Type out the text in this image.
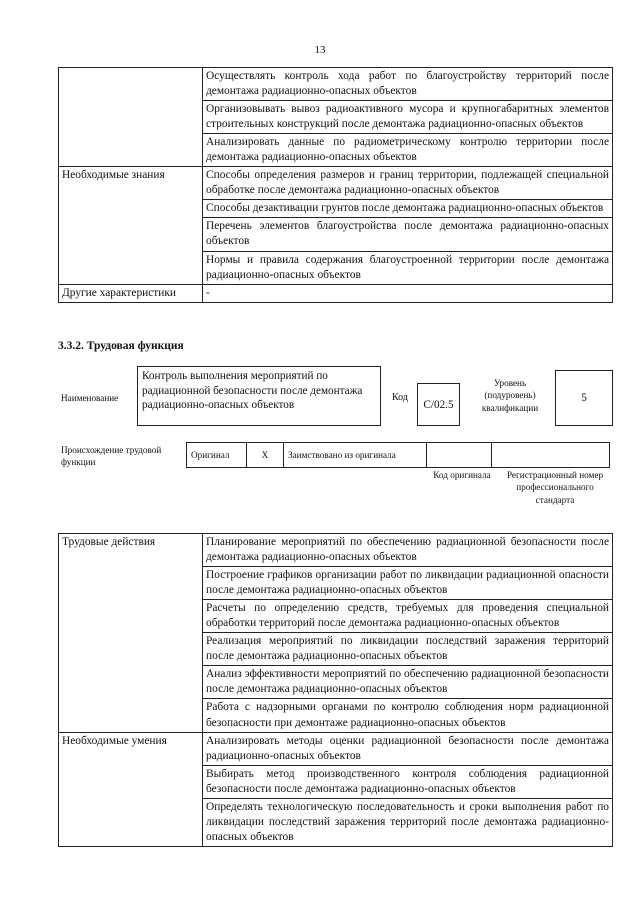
13
	Осуществлять контроль хода работ по благоустройству территорий после демонтажа радиационно-опасных объектов
	Организовывать вывоз радиоактивного мусора и крупногабаритных элементов строительных конструкций после демонтажа радиационно-опасных объектов
	Анализировать данные по радиометрическому контролю территории после демонтажа радиационно-опасных объектов
Необходимые знания	Способы определения размеров и границ территории, подлежащей специальной обработке после демонтажа радиационно-опасных объектов
	Способы дезактивации грунтов после демонтажа радиационно-опасных объектов
	Перечень элементов благоустройства после демонтажа радиационно-опасных объектов
	Нормы и правила содержания благоустроенной территории после демонтажа радиационно-опасных объектов
Другие характеристики	-
3.3.2. Трудовая функция
Наименование
Контроль выполнения мероприятий по радиационной безопасности после демонтажа радиационно-опасных объектов
Код
С/02.5
Уровень (подуровень) квалификации
5
Происхождение трудовой функции
Оригинал	X	Заимствовано из оригинала
Код оригинала	Регистрационный номер профессионального стандарта
Трудовые действия	Планирование мероприятий по обеспечению радиационной безопасности после демонтажа радиационно-опасных объектов
	Построение графиков организации работ по ликвидации радиационной опасности после демонтажа радиационно-опасных объектов
	Расчеты по определению средств, требуемых для проведения специальной обработки территорий после демонтажа радиационно-опасных объектов
	Реализация мероприятий по ликвидации последствий заражения территорий после демонтажа радиационно-опасных объектов
	Анализ эффективности мероприятий по обеспечению радиационной безопасности после демонтажа радиационно-опасных объектов
	Работа с надзорными органами по контролю соблюдения норм радиационной безопасности при демонтаже радиационно-опасных объектов
Необходимые умения	Анализировать методы оценки радиационной безопасности после демонтажа радиационно-опасных объектов
	Выбирать метод производственного контроля соблюдения радиационной безопасности после демонтажа радиационно-опасных объектов
	Определять технологическую последовательность и сроки выполнения работ по ликвидации последствий заражения территорий после демонтажа радиационно-опасных объектов
